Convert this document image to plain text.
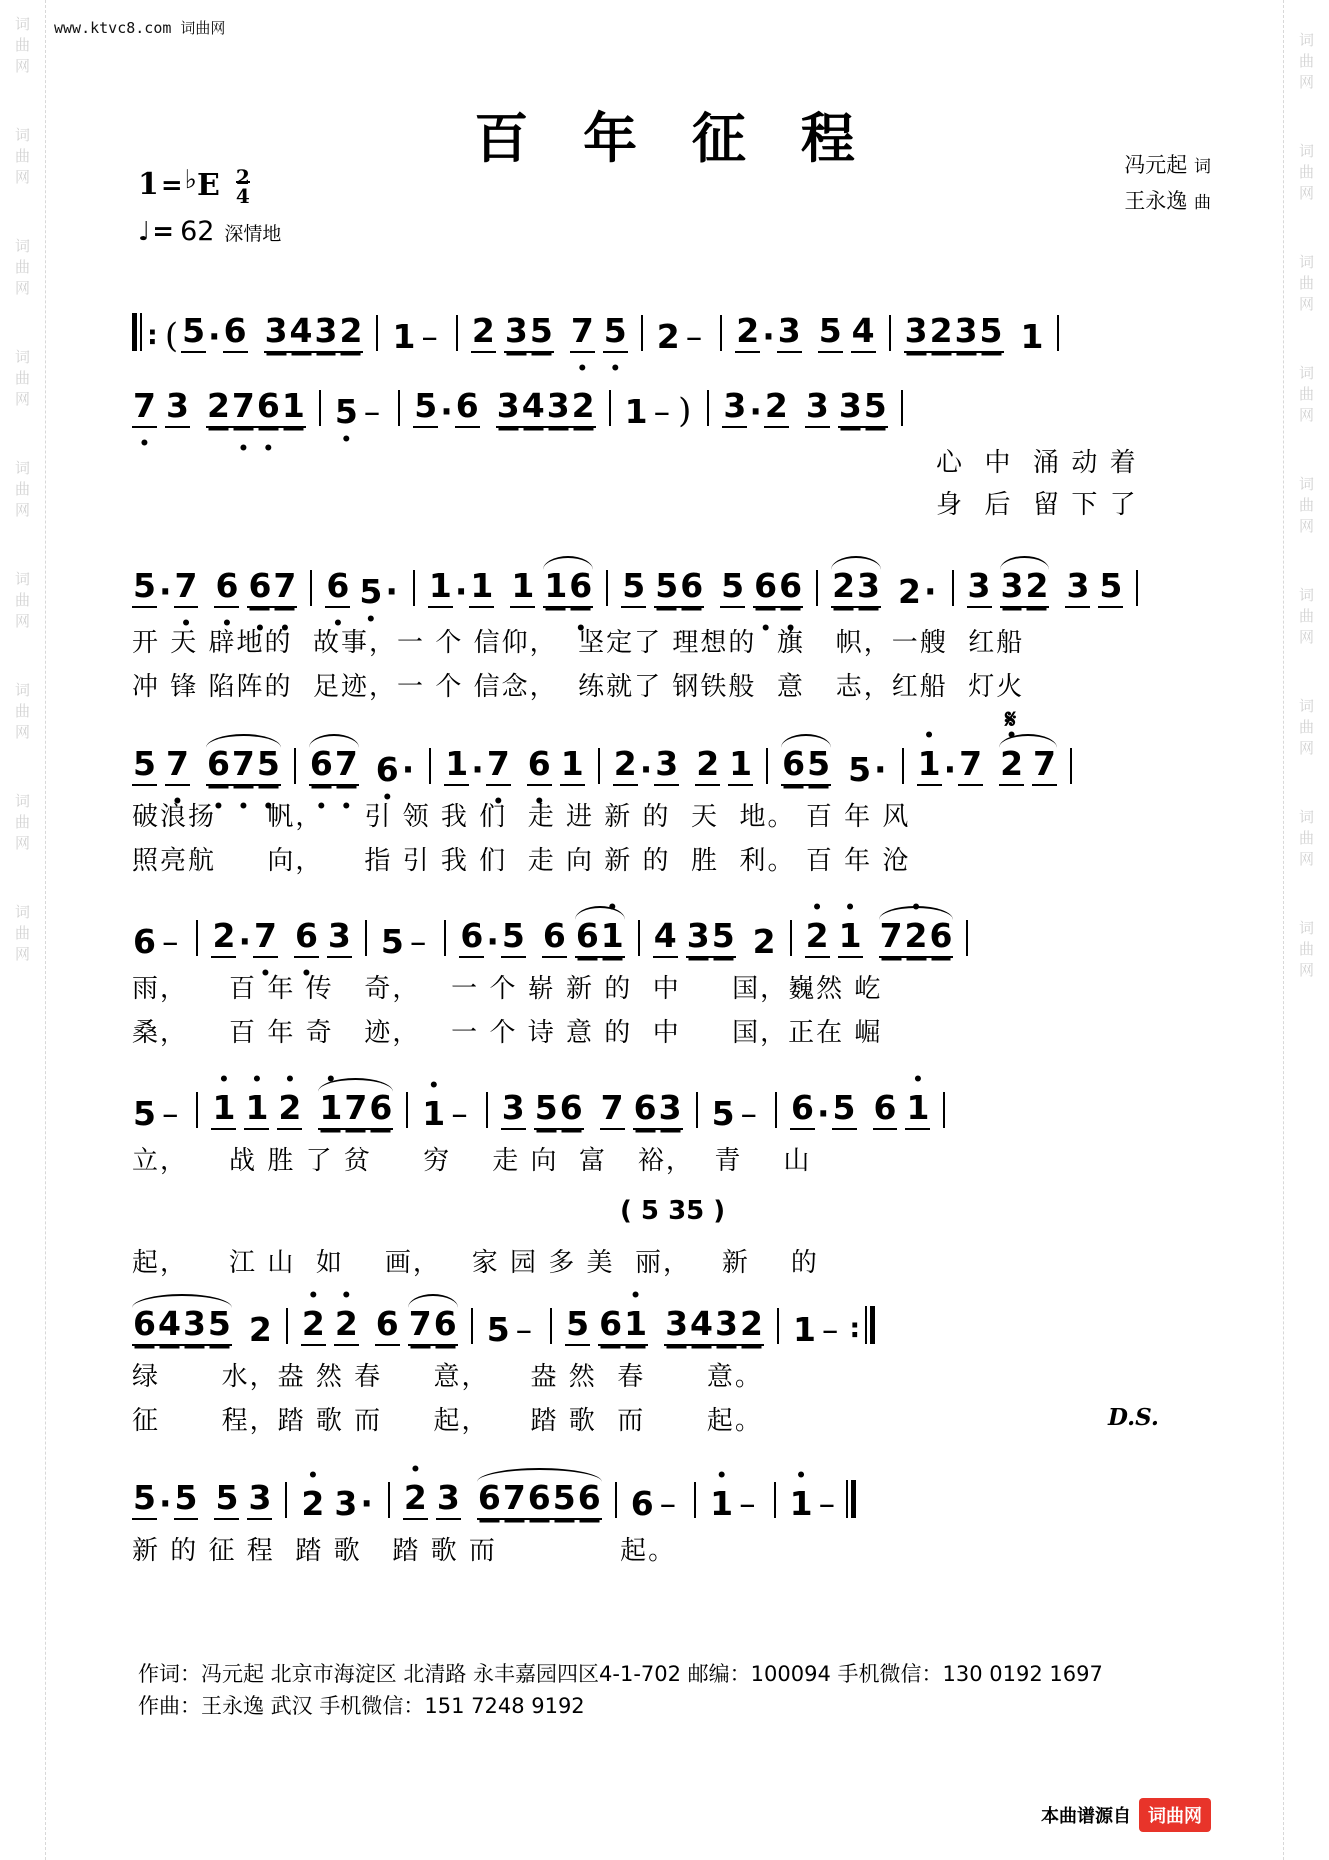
词
曲
网
词
曲
网
词
曲
网
词
曲
网
词
曲
网
词
曲
网
词
曲
网
词
曲
网
词
曲
网
词
曲
网
词
曲
网
词
曲
网
词
曲
网
词
曲
网
词
曲
网
词
曲
网
词
曲
网
词
曲
网
www.ktvc8.com 词曲网
百 年 征 程	冯元起 词
王永逸 曲
1 = ♭ E 2
4
♩ = 62 深情地
: ( 5 · 6 3 4 3 2 1 – 2 3 5 7 • 5 • 2 – 2 · 3 5 4 3 2 3 5 1
7 • 3 2 7 • 6 • 1 5 • – 5 · 6 3 4 3 2 1 – ) 3 · 2 3 3 5
心  中  涌 动 着
身  后  留 下 了
5 · 7 • 6 • 6 • 7 • 6 • 5 • · 1 · 1 1 1 6 • 5 5 6 5 6 • 6 • 2 3 2 · 3 3 2 3 5
开 天 辟地的  故事，一 个 信仰，  坚定了 理想的  旗   帜，一艘  红船
冲 锋 陷阵的  足迹，一 个 信念，  练就了 钢铁般  意   志，红船  灯火
𝄋
5 7 • 6 • 7 • 5 • 6 • 7 • 6 • · 1 · 7 • 6 • 1 2 · 3 2 1 6 5 5 · • 1 · 7 • 2 7
破浪扬     帆，    引 领 我 们  走 进 新 的  天  地。 百 年 风
照亮航     向，    指 引 我 们  走 向 新 的  胜  利。 百 年 沧
6 – 2 · 7 • 6 • 3 5 – 6 · 5 6 6 • 1 4 3 5 2 • 2 • 1 7 • 2 6
雨，    百 年 传   奇，   一 个 崭 新 的  中     国，巍然 屹
桑，    百 年 奇   迹，   一 个 诗 意 的  中     国，正在 崛
5 – • 1 • 1 • 2 • 1 7 6 • 1 – 3 5 6 7 6 3 5 – 6 · 5 6 • 1
立，    战 胜 了 贫     穷    走 向  富   裕，  青    山
( 5 35 )
起，    江 山  如    画，   家 园 多 美  丽，   新    的
6 4 3 5 2 • 2 • 2 6 7 6 5 – 5 6 • 1 3 4 3 2 1 – :
绿      水，盎 然 春     意，    盎 然  春      意。
征      程，踏 歌 而     起，    踏 歌  而      起。	D.S.
5 · 5 5 3 • 2 3 · • 2 3 6 7 6 5 6 6 – • 1 – • 1 –
新 的 征 程  踏 歌   踏 歌 而            起。
作词：冯元起 北京市海淀区 北清路 永丰嘉园四区4-1-702 邮编：100094 手机微信：130 0192 1697
作曲：王永逸 武汉 手机微信：151 7248 9192
本曲谱源自 词曲网
